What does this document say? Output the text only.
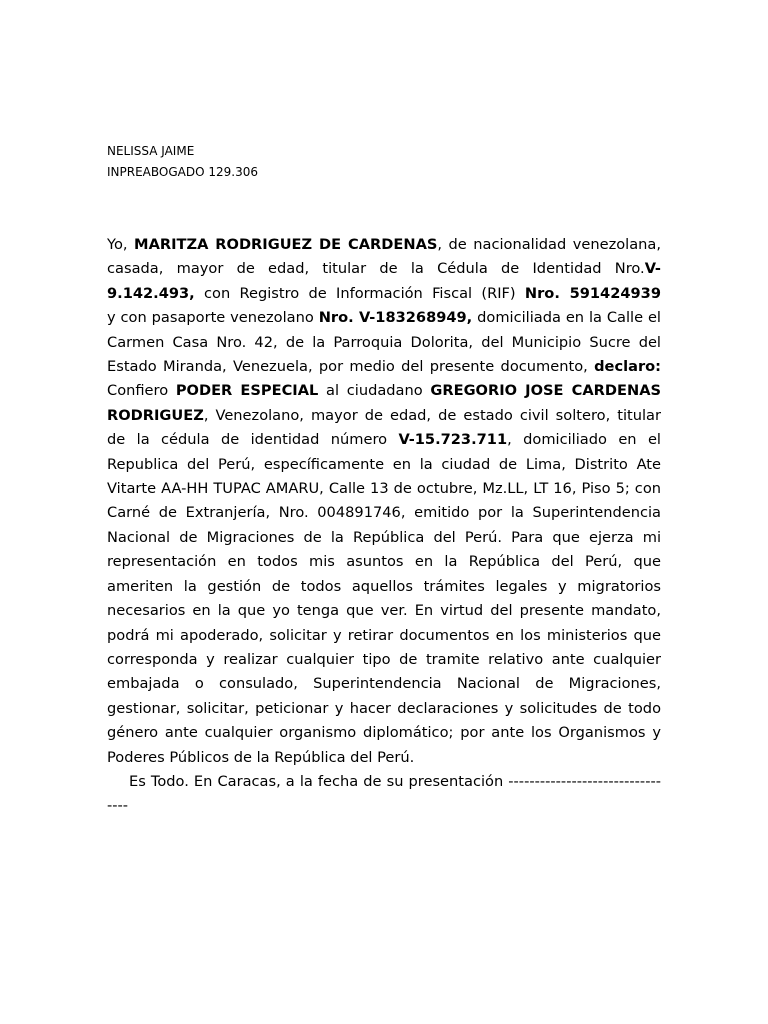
NELISSA JAIME
INPREABOGADO 129.306

Yo, MARITZA RODRIGUEZ DE CARDENAS, de nacionalidad venezolana, casada, mayor de edad, titular de la Cédula de Identidad Nro.V-9.142.493, con Registro de Información Fiscal (RIF) Nro. 591424939        y con pasaporte venezolano Nro. V-183268949, domiciliada en la Calle el Carmen Casa Nro. 42, de la Parroquia Dolorita, del Municipio Sucre del Estado Miranda, Venezuela, por medio del presente documento, declaro: Confiero PODER ESPECIAL al ciudadano GREGORIO JOSE CARDENAS RODRIGUEZ, Venezolano, mayor de edad, de estado civil soltero, titular de la cédula de identidad número V-15.723.711, domiciliado en el Republica del Perú, específicamente en la ciudad de Lima, Distrito Ate Vitarte AA-HH TUPAC AMARU, Calle 13 de octubre, Mz.LL, LT 16, Piso 5; con Carné de Extranjería, Nro. 004891746, emitido por la Superintendencia Nacional de Migraciones de la República del Perú. Para que ejerza mi representación en todos mis asuntos en la República del Perú, que ameriten la gestión de todos aquellos trámites legales y migratorios necesarios en la que yo tenga que ver. En virtud del presente mandato, podrá mi apoderado, solicitar y retirar documentos en los ministerios que corresponda y realizar cualquier tipo de tramite relativo ante cualquier embajada o consulado, Superintendencia Nacional de Migraciones, gestionar, solicitar, peticionar y hacer declaraciones y solicitudes de todo género ante cualquier organismo diplomático; por ante los Organismos y Poderes Públicos de la República del Perú.

Es Todo. En Caracas, a la fecha de su presentación ---------------------------------
